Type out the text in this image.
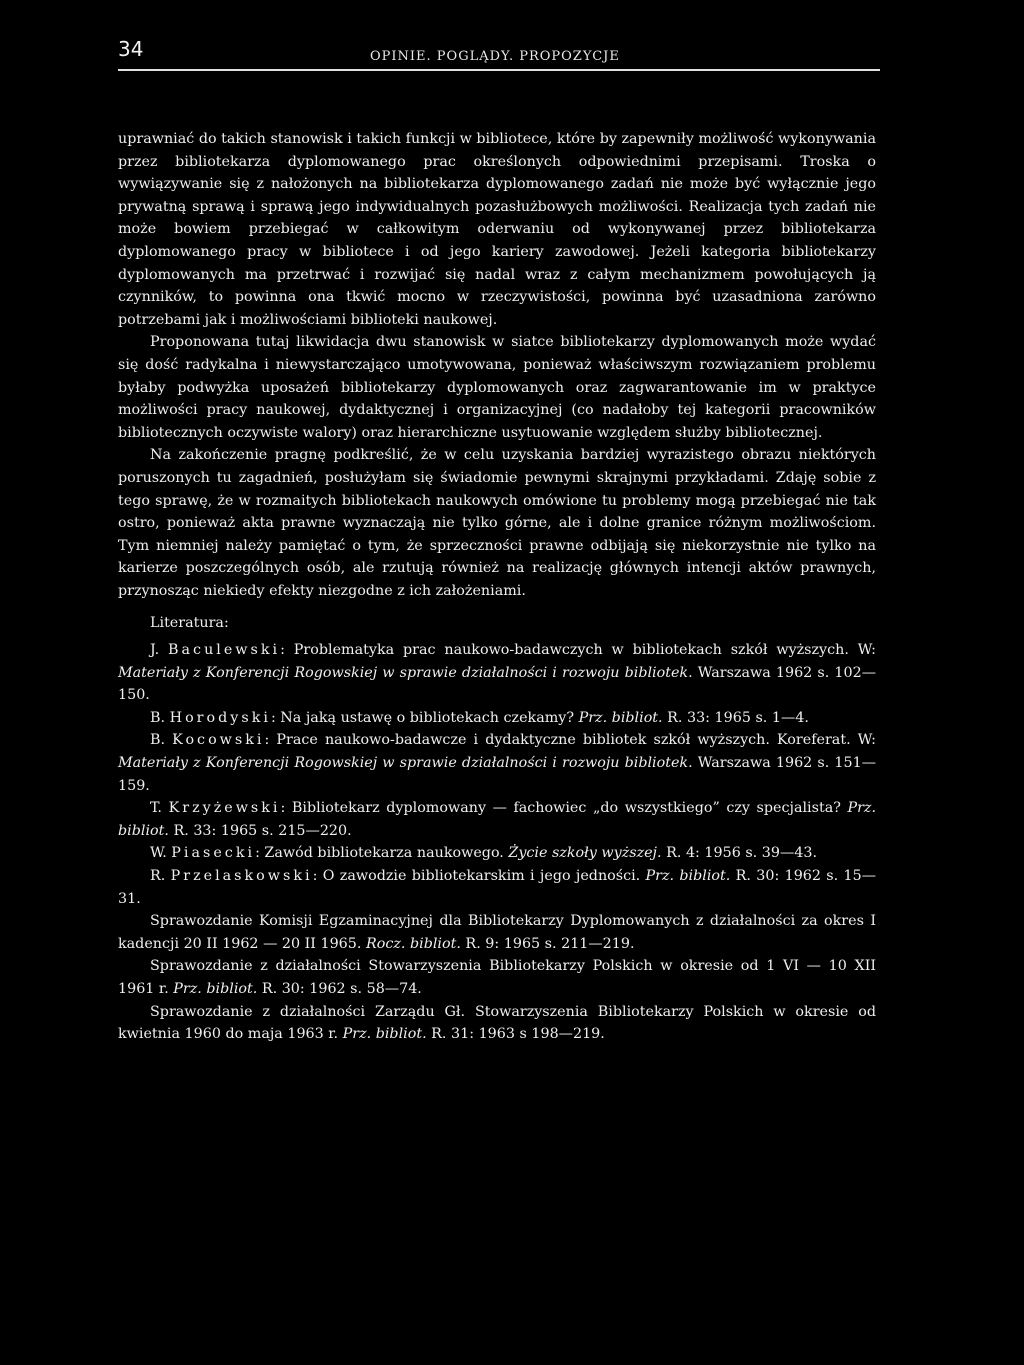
34	OPINIE. POGLĄDY. PROPOZYCJE

uprawniać do takich stanowisk i takich funkcji w bibliotece, które by zapewniły możliwość wykonywania przez bibliotekarza dyplomowanego prac określonych odpowiednimi przepisami. Troska o wywiązywanie się z nałożonych na bibliotekarza dyplomowanego zadań nie może być wyłącznie jego prywatną sprawą i sprawą jego indywidualnych pozasłużbowych możliwości. Realizacja tych zadań nie może bowiem przebiegać w całkowitym oderwaniu od wykonywanej przez bibliotekarza dyplomowanego pracy w bibliotece i od jego kariery zawodowej. Jeżeli kategoria bibliotekarzy dyplomowanych ma przetrwać i rozwijać się nadal wraz z całym mechanizmem powołujących ją czynników, to powinna ona tkwić mocno w rzeczywistości, powinna być uzasadniona zarówno potrzebami jak i możliwościami biblioteki naukowej.

Proponowana tutaj likwidacja dwu stanowisk w siatce bibliotekarzy dyplomowanych może wydać się dość radykalna i niewystarczająco umotywowana, ponieważ właściwszym rozwiązaniem problemu byłaby podwyżka uposażeń bibliotekarzy dyplomowanych oraz zagwarantowanie im w praktyce możliwości pracy naukowej, dydaktycznej i organizacyjnej (co nadałoby tej kategorii pracowników bibliotecznych oczywiste walory) oraz hierarchiczne usytuowanie względem służby bibliotecznej.

Na zakończenie pragnę podkreślić, że w celu uzyskania bardziej wyrazistego obrazu niektórych poruszonych tu zagadnień, posłużyłam się świadomie pewnymi skrajnymi przykładami. Zdaję sobie z tego sprawę, że w rozmaitych bibliotekach naukowych omówione tu problemy mogą przebiegać nie tak ostro, ponieważ akta prawne wyznaczają nie tylko górne, ale i dolne granice różnym możliwościom. Tym niemniej należy pamiętać o tym, że sprzeczności prawne odbijają się niekorzystnie nie tylko na karierze poszczególnych osób, ale rzutują również na realizację głównych intencji aktów prawnych, przynosząc niekiedy efekty niezgodne z ich założeniami.

Literatura:

J. Baculewski: Problematyka prac naukowo-badawczych w bibliotekach szkół wyższych. W: Materiały z Konferencji Rogowskiej w sprawie działalności i rozwoju bibliotek. Warszawa 1962 s. 102—150.

B. Horodyski: Na jaką ustawę o bibliotekach czekamy? Prz. bibliot. R. 33: 1965 s. 1—4.

B. Kocowski: Prace naukowo-badawcze i dydaktyczne bibliotek szkół wyższych. Koreferat. W: Materiały z Konferencji Rogowskiej w sprawie działalności i rozwoju bibliotek. Warszawa 1962 s. 151—159.

T. Krzyżewski: Bibliotekarz dyplomowany — fachowiec „do wszystkiego” czy specjalista? Prz. bibliot. R. 33: 1965 s. 215—220.

W. Piasecki: Zawód bibliotekarza naukowego. Życie szkoły wyższej. R. 4: 1956 s. 39—43.

R. Przelaskowski: O zawodzie bibliotekarskim i jego jedności. Prz. bibliot. R. 30: 1962 s. 15—31.

Sprawozdanie Komisji Egzaminacyjnej dla Bibliotekarzy Dyplomowanych z działalności za okres I kadencji 20 II 1962 — 20 II 1965. Rocz. bibliot. R. 9: 1965 s. 211—219.

Sprawozdanie z działalności Stowarzyszenia Bibliotekarzy Polskich w okresie od 1 VI — 10 XII 1961 r. Prz. bibliot. R. 30: 1962 s. 58—74.

Sprawozdanie z działalności Zarządu Gł. Stowarzyszenia Bibliotekarzy Polskich w okresie od kwietnia 1960 do maja 1963 r. Prz. bibliot. R. 31: 1963 s 198—219.
